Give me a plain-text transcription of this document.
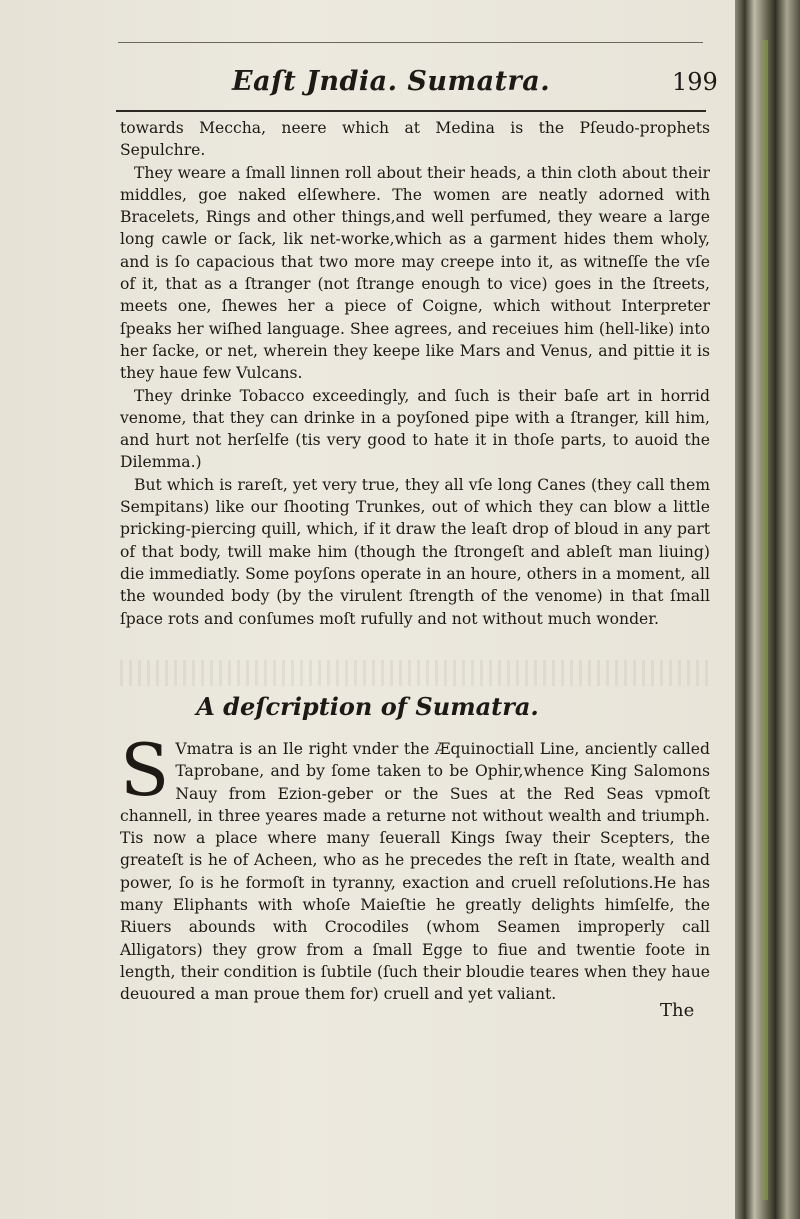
Eaſt Jndia. Sumatra.	199

towards Meccha, neere which at Medina is the Pſeudo-prophets Sepulchre.

They weare a ſmall linnen roll about their heads, a thin cloth about their middles, goe naked elſewhere. The women are neatly adorned with Bracelets, Rings and other things,and well perfumed, they weare a large long cawle or ſack, lik net-worke,which as a garment hides them wholy, and is ſo capacious that two more may creepe into it, as witneſſe the vſe of it, that as a ſtranger (not ſtrange enough to vice) goes in the ſtreets, meets one, ſhewes her a piece of Coigne, which without Interpreter ſpeaks her wiſhed language. Shee agrees, and receiues him (hell-like) into her ſacke, or net, wherein they keepe like Mars and Venus, and pittie it is they haue few Vulcans.

They drinke Tobacco exceedingly, and ſuch is their baſe art in horrid venome, that they can drinke in a poyſoned pipe with a ſtranger, kill him, and hurt not herſelfe (tis very good to hate it in thoſe parts, to auoid the Dilemma.)

But which is rareſt, yet very true, they all vſe long Canes (they call them Sempitans) like our ſhooting Trunkes, out of which they can blow a little pricking-piercing quill, which, if it draw the leaſt drop of bloud in any part of that body, twill make him (though the ſtrongeſt and ableſt man liuing) die immediatly. Some poyſons operate in an houre, others in a moment, all the wounded body (by the virulent ſtrength of the venome) in that ſmall ſpace rots and conſumes moſt rufully and not without much wonder.

A deſcription of Sumatra.
S Vmatra is an Ile right vnder the Æquinoctiall Line, anciently called Taprobane, and by ſome taken to be Ophir,whence King Salomons Nauy from Ezion-geber or the Sues at the Red Seas vpmoſt channell, in three yeares made a returne not without wealth and triumph. Tis now a place where many ſeuerall Kings ſway their Scepters, the greateſt is he of Acheen, who as he precedes the reſt in ſtate, wealth and power, ſo is he formoſt in tyranny, exaction and cruell reſolutions.He has many Eliphants with whoſe Maieſtie he greatly delights himſelfe, the Riuers abounds with Crocodiles (whom Seamen improperly call Alligators) they grow from a ſmall Egge to fiue and twentie foote in length, their condition is ſubtile (ſuch their bloudie teares when they haue deuoured a man proue them for) cruell and yet valiant.
The
